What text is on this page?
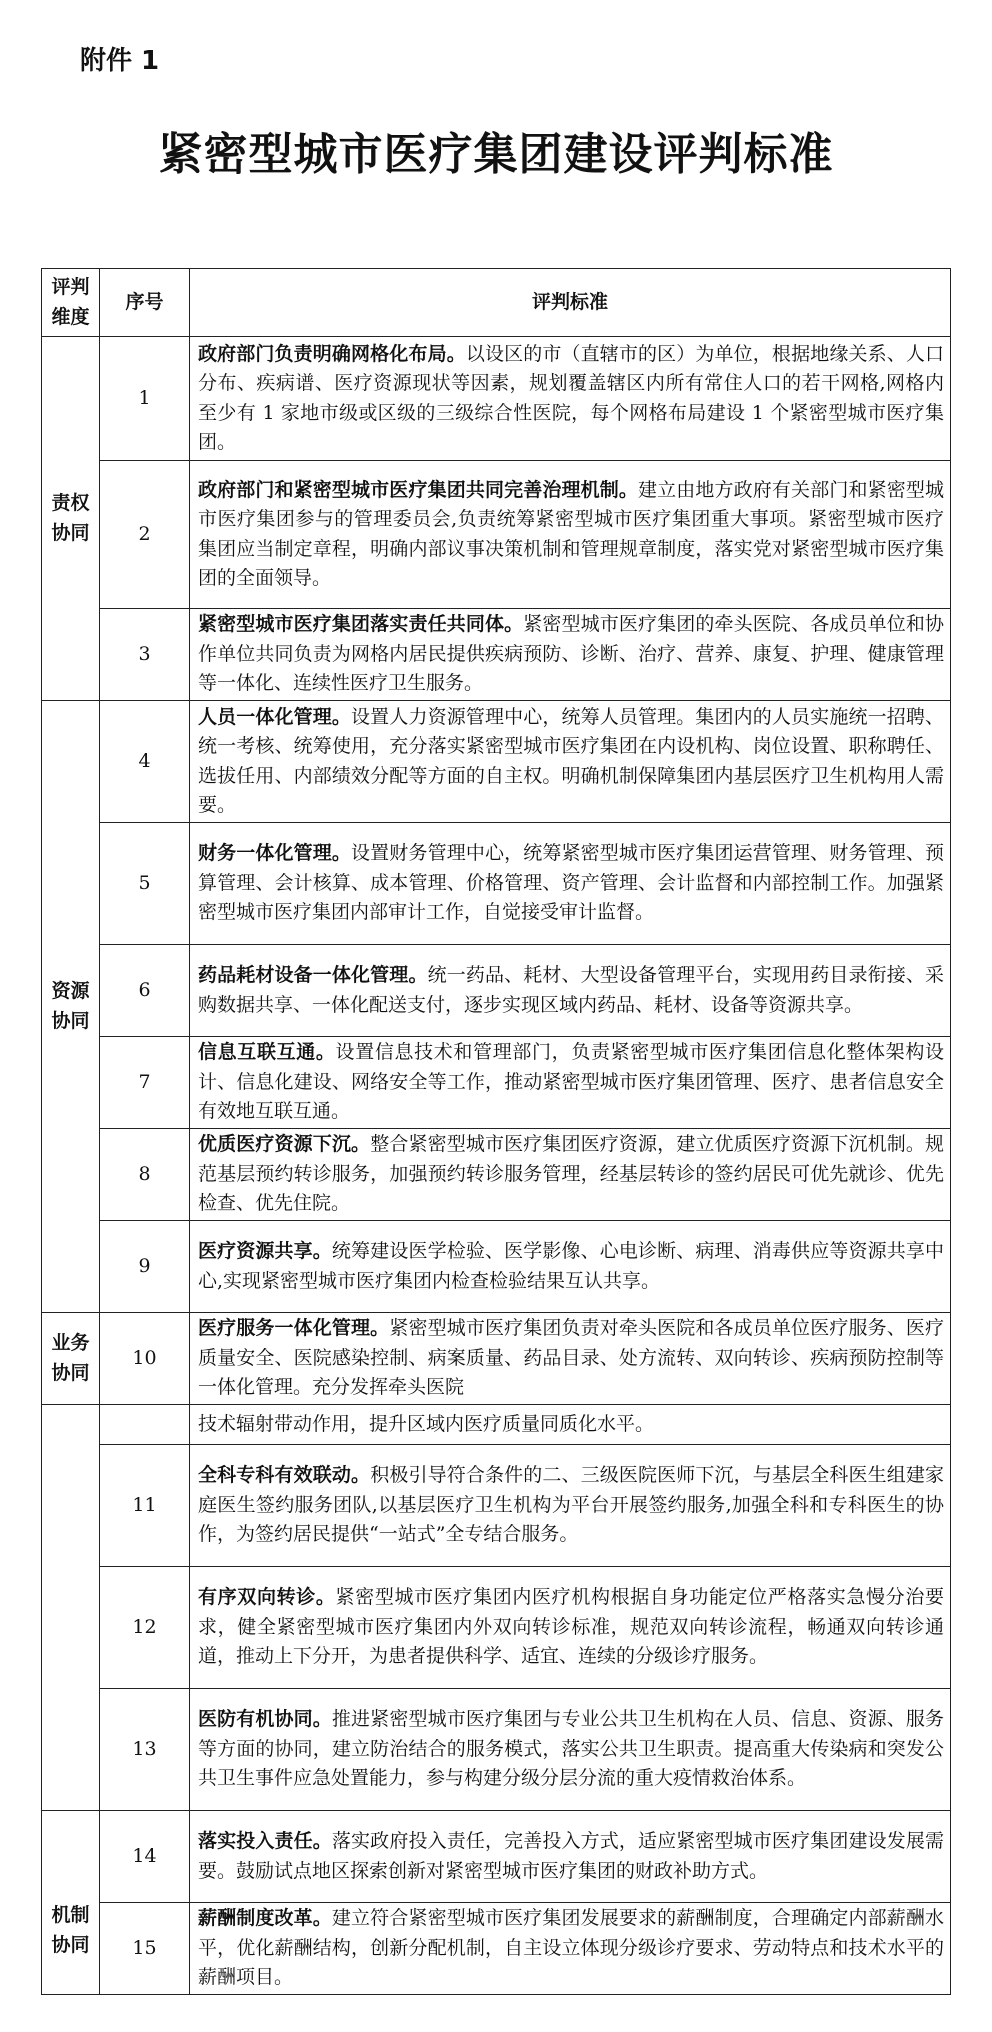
附件 1
紧密型城市医疗集团建设评判标准
评判维度	序号	评判标准
责权协同	1	政府部门负责明确网格化布局。以设区的市（直辖市的区）为单位，根据地缘关系、人口分布、疾病谱、医疗资源现状等因素，规划覆盖辖区内所有常住人口的若干网格,网格内至少有 1 家地市级或区级的三级综合性医院，每个网格布局建设 1 个紧密型城市医疗集团。
	2	政府部门和紧密型城市医疗集团共同完善治理机制。建立由地方政府有关部门和紧密型城市医疗集团参与的管理委员会,负责统筹紧密型城市医疗集团重大事项。紧密型城市医疗集团应当制定章程，明确内部议事决策机制和管理规章制度，落实党对紧密型城市医疗集团的全面领导。
	3	紧密型城市医疗集团落实责任共同体。紧密型城市医疗集团的牵头医院、各成员单位和协作单位共同负责为网格内居民提供疾病预防、诊断、治疗、营养、康复、护理、健康管理等一体化、连续性医疗卫生服务。
资源协同	4	人员一体化管理。设置人力资源管理中心，统筹人员管理。集团内的人员实施统一招聘、统一考核、统筹使用，充分落实紧密型城市医疗集团在内设机构、岗位设置、职称聘任、选拔任用、内部绩效分配等方面的自主权。明确机制保障集团内基层医疗卫生机构用人需要。
	5	财务一体化管理。设置财务管理中心，统筹紧密型城市医疗集团运营管理、财务管理、预算管理、会计核算、成本管理、价格管理、资产管理、会计监督和内部控制工作。加强紧密型城市医疗集团内部审计工作，自觉接受审计监督。
	6	药品耗材设备一体化管理。统一药品、耗材、大型设备管理平台，实现用药目录衔接、采购数据共享、一体化配送支付，逐步实现区域内药品、耗材、设备等资源共享。
	7	信息互联互通。设置信息技术和管理部门，负责紧密型城市医疗集团信息化整体架构设计、信息化建设、网络安全等工作，推动紧密型城市医疗集团管理、医疗、患者信息安全有效地互联互通。
	8	优质医疗资源下沉。整合紧密型城市医疗集团医疗资源，建立优质医疗资源下沉机制。规范基层预约转诊服务，加强预约转诊服务管理，经基层转诊的签约居民可优先就诊、优先检查、优先住院。
	9	医疗资源共享。统筹建设医学检验、医学影像、心电诊断、病理、消毒供应等资源共享中心,实现紧密型城市医疗集团内检查检验结果互认共享。
业务协同	10	医疗服务一体化管理。紧密型城市医疗集团负责对牵头医院和各成员单位医疗服务、医疗质量安全、医院感染控制、病案质量、药品目录、处方流转、双向转诊、疾病预防控制等一体化管理。充分发挥牵头医院
		技术辐射带动作用，提升区域内医疗质量同质化水平。
	11	全科专科有效联动。积极引导符合条件的二、三级医院医师下沉，与基层全科医生组建家庭医生签约服务团队,以基层医疗卫生机构为平台开展签约服务,加强全科和专科医生的协作，为签约居民提供“一站式”全专结合服务。
	12	有序双向转诊。紧密型城市医疗集团内医疗机构根据自身功能定位严格落实急慢分治要求，健全紧密型城市医疗集团内外双向转诊标准，规范双向转诊流程，畅通双向转诊通道，推动上下分开，为患者提供科学、适宜、连续的分级诊疗服务。
	13	医防有机协同。推进紧密型城市医疗集团与专业公共卫生机构在人员、信息、资源、服务等方面的协同，建立防治结合的服务模式，落实公共卫生职责。提高重大传染病和突发公共卫生事件应急处置能力，参与构建分级分层分流的重大疫情救治体系。
机制协同	14	落实投入责任。落实政府投入责任，完善投入方式，适应紧密型城市医疗集团建设发展需要。鼓励试点地区探索创新对紧密型城市医疗集团的财政补助方式。
	15	薪酬制度改革。建立符合紧密型城市医疗集团发展要求的薪酬制度，合理确定内部薪酬水平，优化薪酬结构，创新分配机制，自主设立体现分级诊疗要求、劳动特点和技术水平的薪酬项目。
